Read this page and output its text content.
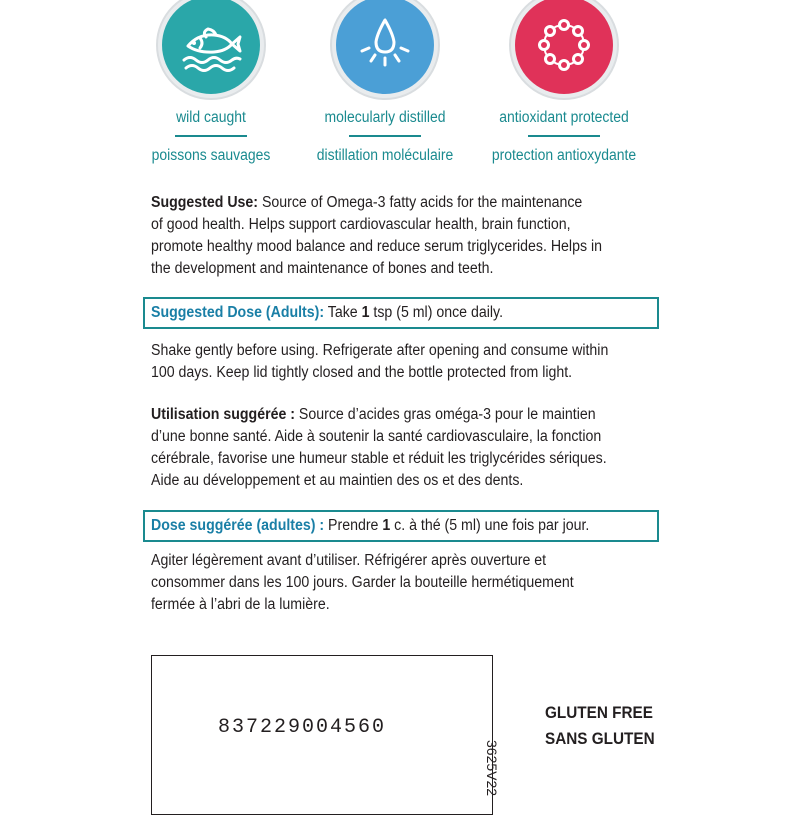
wild caught
poissons sauvages
molecularly distilled
distillation moléculaire
antioxidant protected
protection antioxydante
Suggested Use: Source of Omega-3 fatty acids for the maintenance
of good health. Helps support cardiovascular health, brain function,
promote healthy mood balance and reduce serum triglycerides. Helps in
the development and maintenance of bones and teeth.
Suggested Dose (Adults): Take 1 tsp (5 ml) once daily.
Shake gently before using. Refrigerate after opening and consume within
100 days. Keep lid tightly closed and the bottle protected from light.
Utilisation suggérée : Source d’acides gras oméga-3 pour le maintien
d’une bonne santé. Aide à soutenir la santé cardiovasculaire, la fonction
cérébrale, favorise une humeur stable et réduit les triglycérides sériques.
Aide au développement et au maintien des os et des dents.
Dose suggérée (adultes) : Prendre 1 c. à thé (5 ml) une fois par jour.
Agiter légèrement avant d’utiliser. Réfrigérer après ouverture et
consommer dans les 100 jours. Garder la bouteille hermétiquement
fermée à l’abri de la lumière.
837229004560
3625V22
GLUTEN FREE
SANS GLUTEN
